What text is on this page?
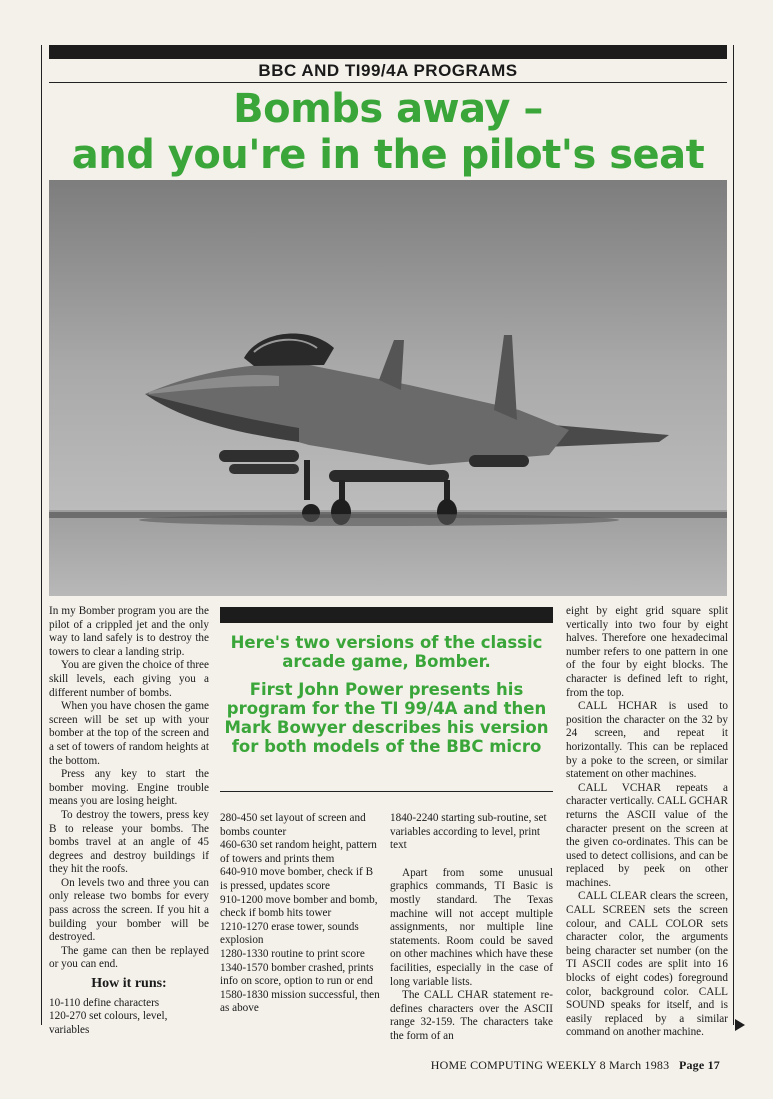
BBC AND TI99/4A PROGRAMS
Bombs away –
and you're in the pilot's seat

In my Bomber program you are the pilot of a crippled jet and the only way to land safely is to destroy the towers to clear a landing strip.

You are given the choice of three skill levels, each giving you a different number of bombs.

When you have chosen the game screen will be set up with your bomber at the top of the screen and a set of towers of random heights at the bottom.

Press any key to start the bomber moving. Engine trouble means you are losing height.

To destroy the towers, press key B to release your bombs. The bombs travel at an angle of 45 degrees and destroy buildings if they hit the roofs.

On levels two and three you can only release two bombs for every pass across the screen. If you hit a building your bomber will be destroyed.

The game can then be replayed or you can end.

How it runs:

10-110 define characters

120-270 set colours, level, variables

Here's two versions of the classic arcade game, Bomber.

First John Power presents his program for the TI 99/4A and then Mark Bowyer describes his version for both models of the BBC micro

280-450 set layout of screen and bombs counter

460-630 set random height, pattern of towers and prints them

640-910 move bomber, check if B is pressed, updates score

910-1200 move bomber and bomb, check if bomb hits tower

1210-1270 erase tower, sounds explosion

1280-1330 routine to print score

1340-1570 bomber crashed, prints info on score, option to run or end

1580-1830 mission successful, then as above

1840-2240 starting sub-routine, set variables according to level, print text

Apart from some unusual graphics commands, TI Basic is mostly standard. The Texas machine will not accept multiple assignments, nor multiple line statements. Room could be saved on other machines which have these facilities, especially in the case of long variable lists.

The CALL CHAR statement re-defines characters over the ASCII range 32-159. The characters take the form of an

eight by eight grid square split vertically into two four by eight halves. Therefore one hexadecimal number refers to one pattern in one of the four by eight blocks. The character is defined left to right, from the top.

CALL HCHAR is used to position the character on the 32 by 24 screen, and repeat it horizontally. This can be replaced by a poke to the screen, or similar statement on other machines.

CALL VCHAR repeats a character vertically. CALL GCHAR returns the ASCII value of the character present on the screen at the given co-ordinates. This can be used to detect collisions, and can be replaced by peek on other machines.

CALL CLEAR clears the screen, CALL SCREEN sets the screen colour, and CALL COLOR sets character color, the arguments being character set number (on the TI ASCII codes are split into 16 blocks of eight codes) foreground color, background color. CALL SOUND speaks for itself, and is easily replaced by a similar command on another machine.

HOME COMPUTING WEEKLY 8 March 1983 Page 17
